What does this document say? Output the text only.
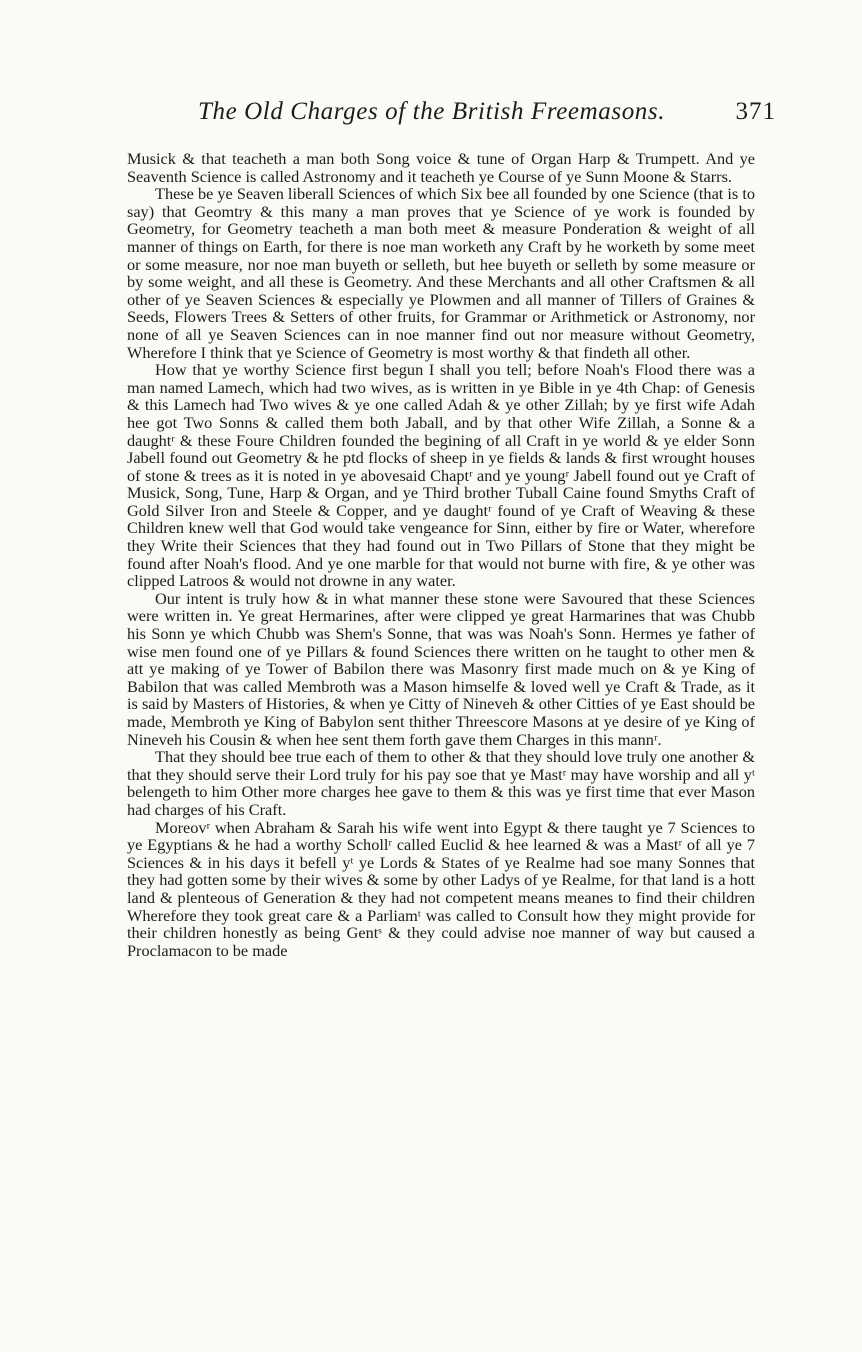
The Old Charges of the British Freemasons.	371

Musick & that teacheth a man both Song voice & tune of Organ Harp & Trumpett. And ye Seaventh Science is called Astronomy and it teacheth ye Course of ye Sunn Moone & Starrs.

These be ye Seaven liberall Sciences of which Six bee all founded by one Science (that is to say) that Geomtry & this many a man proves that ye Science of ye work is founded by Geometry, for Geometry teacheth a man both meet & measure Ponderation & weight of all manner of things on Earth, for there is noe man worketh any Craft by he worketh by some meet or some measure, nor noe man buyeth or selleth, but hee buyeth or selleth by some measure or by some weight, and all these is Geometry. And these Merchants and all other Craftsmen & all other of ye Seaven Sciences & especially ye Plowmen and all manner of Tillers of Graines & Seeds, Flowers Trees & Setters of other fruits, for Grammar or Arithmetick or Astronomy, nor none of all ye Seaven Sciences can in noe manner find out nor measure without Geometry, Wherefore I think that ye Science of Geometry is most worthy & that findeth all other.

How that ye worthy Science first begun I shall you tell; before Noah's Flood there was a man named Lamech, which had two wives, as is written in ye Bible in ye 4th Chap: of Genesis & this Lamech had Two wives & ye one called Adah & ye other Zillah; by ye first wife Adah hee got Two Sonns & called them both Jaball, and by that other Wife Zillah, a Sonne & a daughtʳ & these Foure Children founded the begining of all Craft in ye world & ye elder Sonn Jabell found out Geometry & he ptd flocks of sheep in ye fields & lands & first wrought houses of stone & trees as it is noted in ye abovesaid Chaptʳ and ye youngʳ Jabell found out ye Craft of Musick, Song, Tune, Harp & Organ, and ye Third brother Tuball Caine found Smyths Craft of Gold Silver Iron and Steele & Copper, and ye daughtʳ found of ye Craft of Weaving & these Children knew well that God would take vengeance for Sinn, either by fire or Water, wherefore they Write their Sciences that they had found out in Two Pillars of Stone that they might be found after Noah's flood. And ye one marble for that would not burne with fire, & ye other was clipped Latroos & would not drowne in any water.

Our intent is truly how & in what manner these stone were Savoured that these Sciences were written in. Ye great Hermarines, after were clipped ye great Harmarines that was Chubb his Sonn ye which Chubb was Shem's Sonne, that was was Noah's Sonn. Hermes ye father of wise men found one of ye Pillars & found Sciences there written on he taught to other men & att ye making of ye Tower of Babilon there was Masonry first made much on & ye King of Babilon that was called Membroth was a Mason himselfe & loved well ye Craft & Trade, as it is said by Masters of Histories, & when ye Citty of Nineveh & other Citties of ye East should be made, Membroth ye King of Babylon sent thither Threescore Masons at ye desire of ye King of Nineveh his Cousin & when hee sent them forth gave them Charges in this mannʳ.

That they should bee true each of them to other & that they should love truly one another & that they should serve their Lord truly for his pay soe that ye Mastʳ may have worship and all yᵗ belengeth to him Other more charges hee gave to them & this was ye first time that ever Mason had charges of his Craft.

Moreovʳ when Abraham & Sarah his wife went into Egypt & there taught ye 7 Sciences to ye Egyptians & he had a worthy Schollʳ called Euclid & hee learned & was a Mastʳ of all ye 7 Sciences & in his days it befell yᵗ ye Lords & States of ye Realme had soe many Sonnes that they had gotten some by their wives & some by other Ladys of ye Realme, for that land is a hott land & plenteous of Generation & they had not competent means meanes to find their children Wherefore they took great care & a Parliamᵗ was called to Consult how they might provide for their children honestly as being Gentˢ & they could advise noe manner of way but caused a Proclamacon to be made
